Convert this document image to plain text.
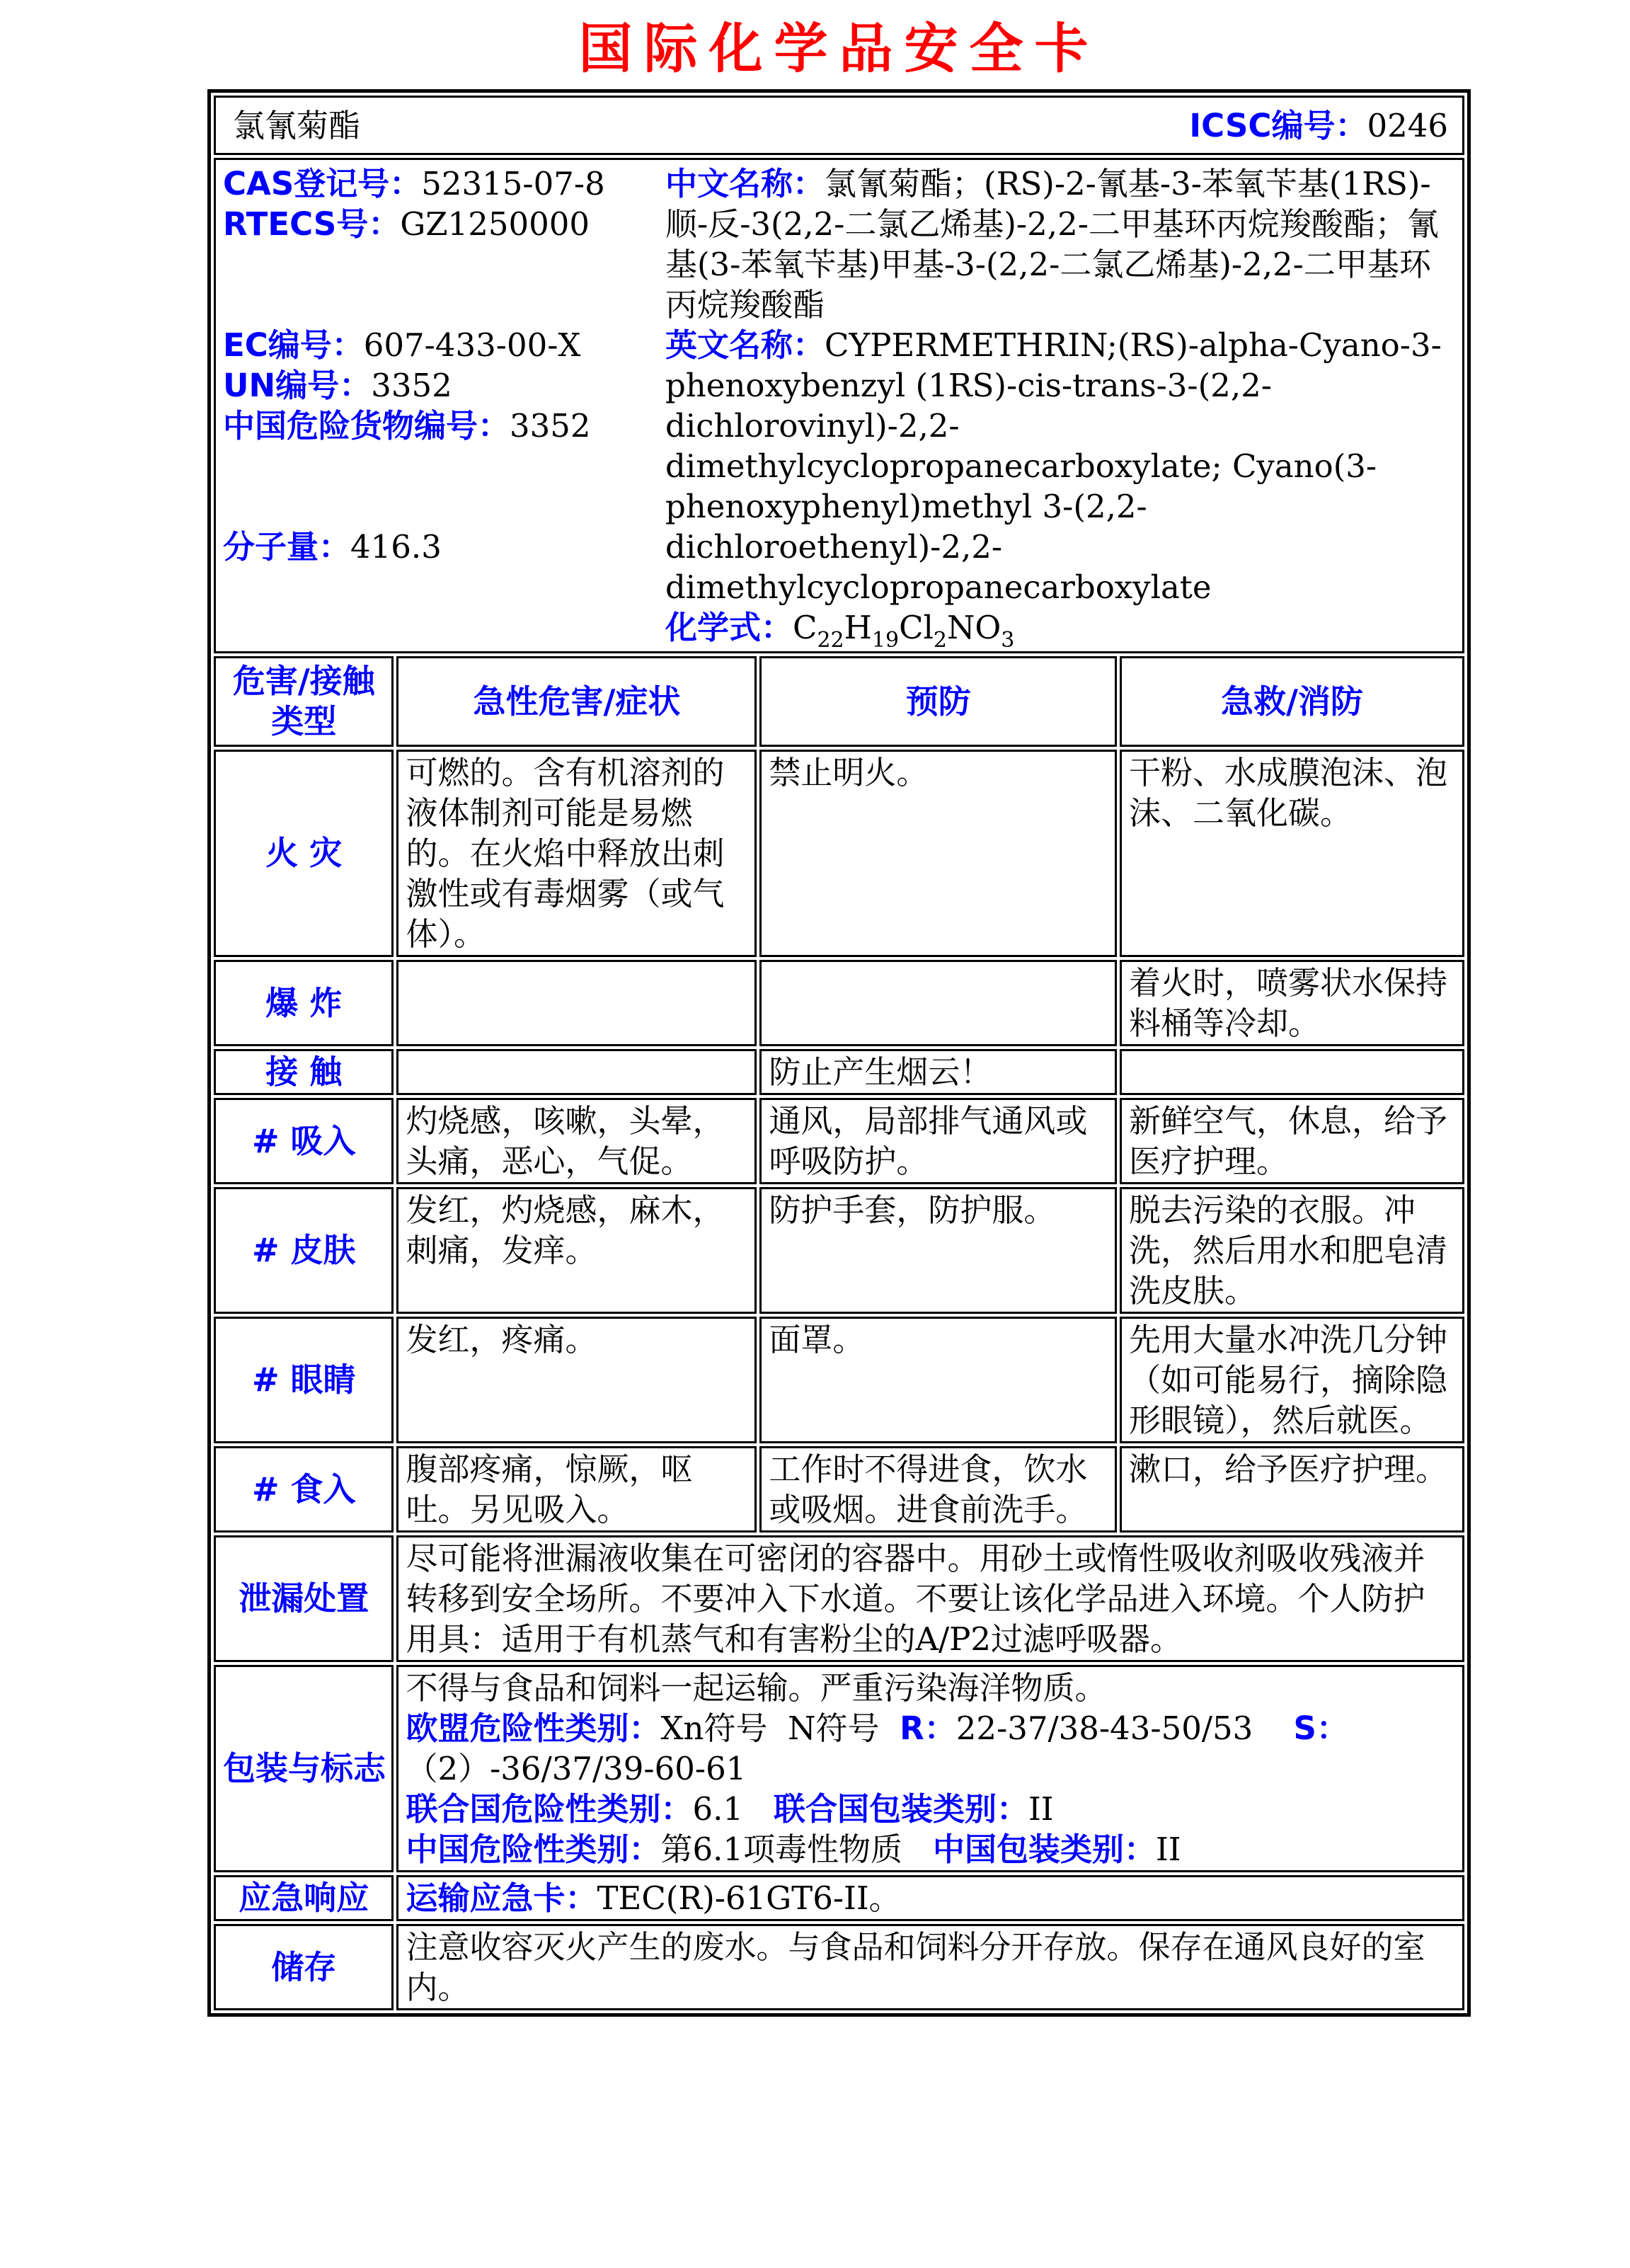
国际化学品安全卡
氯氰菊酯 ICSC编号：0246			

CAS登记号：52315-07-8
RTECS号：GZ1250000
EC编号：607-433-00-X
UN编号：3352
中国危险货物编号：3352
分子量：416.3
中文名称：氯氰菊酯；(RS)-2-氰基-3-苯氧苄基(1RS)-顺-反-3(2,2-二氯乙烯基)-2,2-二甲基环丙烷羧酸酯；氰基(3-苯氧苄基)甲基-3-(2,2-二氯乙烯基)-2,2-二甲基环丙烷羧酸酯
英文名称：CYPERMETHRIN;(RS)-alpha-Cyano-3-phenoxybenzyl (1RS)-cis-trans-3-(2,2-dichlorovinyl)-2,2-dimethylcyclopropanecarboxylate; Cyano(3-phenoxyphenyl)methyl 3-(2,2-dichloroethenyl)-2,2-dimethylcyclopropanecarboxylate
化学式：$C_{22}H_{19}Cl_2NO_3$

危害/接触类型	急性危害/症状	预防	急救/消防
火 灾	可燃的。含有机溶剂的液体制剂可能是易燃的。在火焰中释放出刺激性或有毒烟雾（或气体）。	禁止明火。	干粉、水成膜泡沫、泡沫、二氧化碳。
爆 炸			着火时，喷雾状水保持料桶等冷却。
接 触		防止产生烟云！	
# 吸入	灼烧感，咳嗽，头晕，头痛，恶心，气促。	通风，局部排气通风或呼吸防护。	新鲜空气，休息，给予医疗护理。
# 皮肤	发红，灼烧感，麻木，刺痛，发痒。	防护手套，防护服。	脱去污染的衣服。冲洗，然后用水和肥皂清洗皮肤。
# 眼睛	发红，疼痛。	面罩。	先用大量水冲洗几分钟（如可能易行，摘除隐形眼镜），然后就医。
# 食入	腹部疼痛，惊厥，呕吐。另见吸入。	工作时不得进食，饮水或吸烟。进食前洗手。	漱口，给予医疗护理。
泄漏处置	尽可能将泄漏液收集在可密闭的容器中。用砂土或惰性吸收剂吸收残液并转移到安全场所。不要冲入下水道。不要让该化学品进入环境。个人防护用具：适用于有机蒸气和有害粉尘的A/P2过滤呼吸器。		
包装与标志	不得与食品和饲料一起运输。严重污染海洋物质。
欧盟危险性类别：Xn符号  N符号  R：22-37/38-43-50/53    S：（2）-36/37/39-60-61
联合国危险性类别：6.1   联合国包装类别：II
中国危险性类别：第6.1项毒性物质   中国包装类别：II		

应急响应	运输应急卡：TEC(R)-61GT6-II。		
储存	注意收容灭火产生的废水。与食品和饲料分开存放。保存在通风良好的室内。		
